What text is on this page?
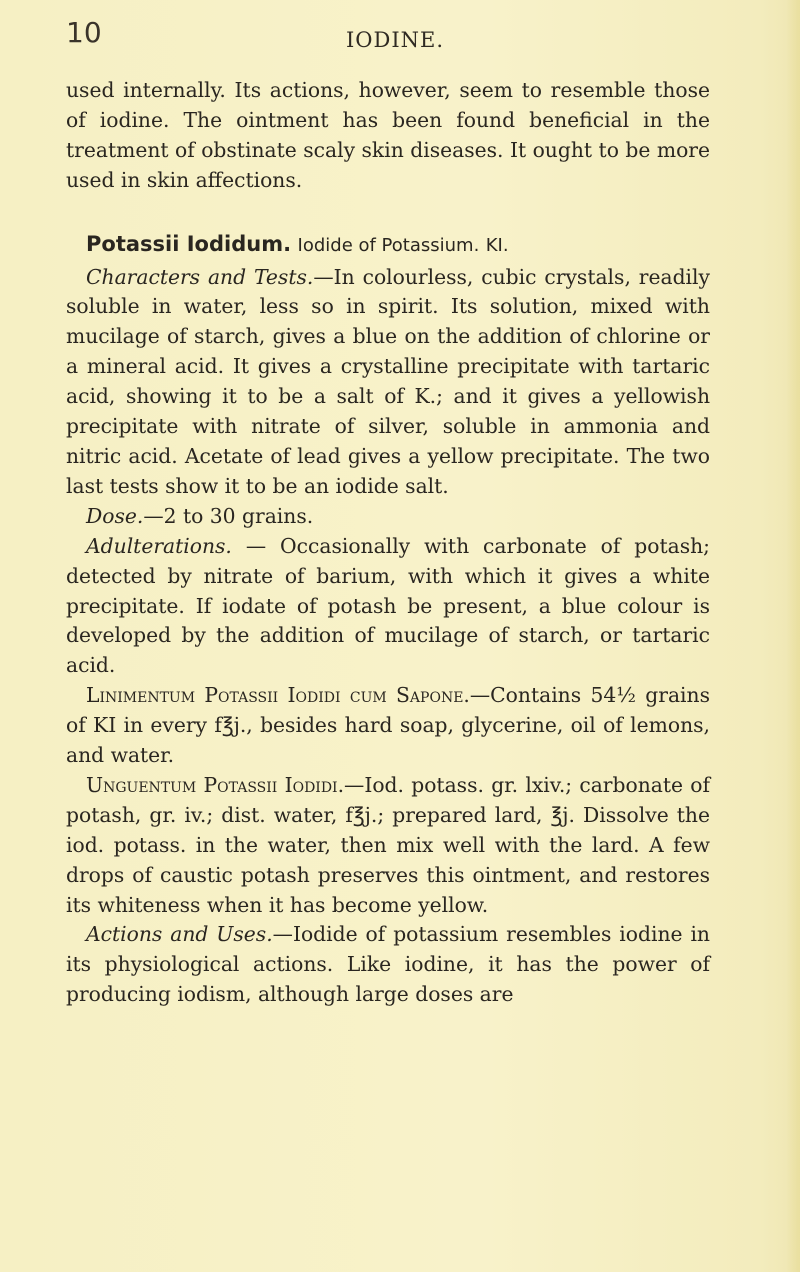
10	IODINE.

used internally. Its actions, however, seem to resemble those of iodine. The ointment has been found beneficial in the treatment of obstinate scaly skin diseases. It ought to be more used in skin affections.

Potassii Iodidum. Iodide of Potassium. KI.

Characters and Tests.—In colourless, cubic crystals, readily soluble in water, less so in spirit. Its solution, mixed with mucilage of starch, gives a blue on the addition of chlorine or a mineral acid. It gives a crystalline precipitate with tartaric acid, showing it to be a salt of K.; and it gives a yellowish precipitate with nitrate of silver, soluble in ammonia and nitric acid. Acetate of lead gives a yellow precipitate. The two last tests show it to be an iodide salt.

Dose.—2 to 30 grains.

Adulterations. — Occasionally with carbonate of potash; detected by nitrate of barium, with which it gives a white precipitate. If iodate of potash be present, a blue colour is developed by the addition of mucilage of starch, or tartaric acid.

Linimentum Potassii Iodidi cum Sapone.—Contains 54½ grains of KI in every f℥j., besides hard soap, glycerine, oil of lemons, and water.

Unguentum Potassii Iodidi.—Iod. potass. gr. lxiv.; carbonate of potash, gr. iv.; dist. water, f℥j.; prepared lard, ℥j. Dissolve the iod. potass. in the water, then mix well with the lard. A few drops of caustic potash preserves this ointment, and restores its whiteness when it has become yellow.

Actions and Uses.—Iodide of potassium resembles iodine in its physiological actions. Like iodine, it has the power of producing iodism, although large doses are
